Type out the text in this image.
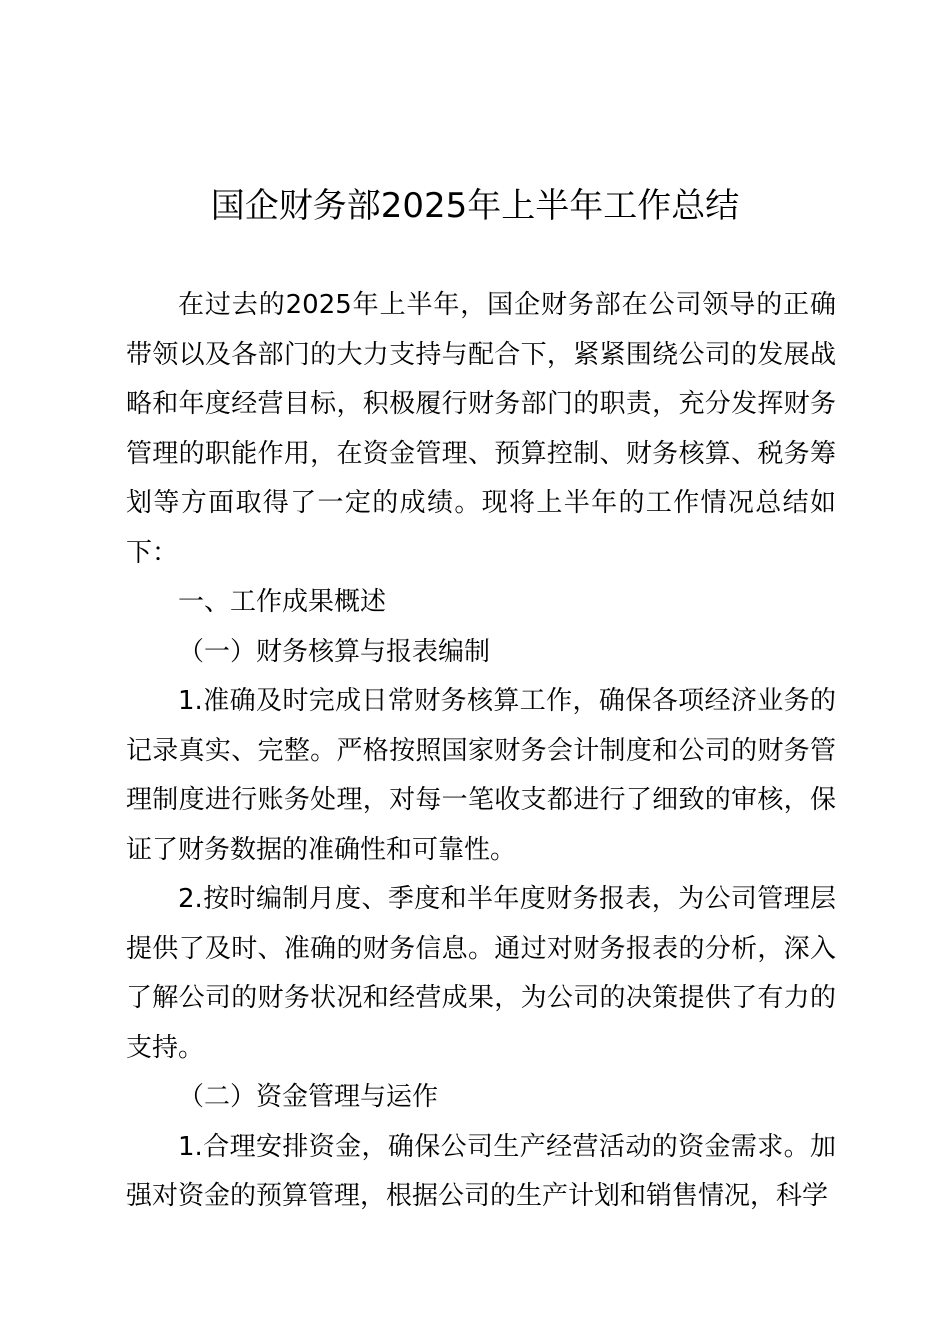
国企财务部2025年上半年工作总结

在过去的2025年上半年，国企财务部在公司领导的正确带领以及各部门的大力支持与配合下，紧紧围绕公司的发展战略和年度经营目标，积极履行财务部门的职责，充分发挥财务管理的职能作用，在资金管理、预算控制、财务核算、税务筹划等方面取得了一定的成绩。现将上半年的工作情况总结如下：

一、工作成果概述

（一）财务核算与报表编制

1.准确及时完成日常财务核算工作，确保各项经济业务的记录真实、完整。严格按照国家财务会计制度和公司的财务管理制度进行账务处理，对每一笔收支都进行了细致的审核，保证了财务数据的准确性和可靠性。

2.按时编制月度、季度和半年度财务报表，为公司管理层提供了及时、准确的财务信息。通过对财务报表的分析，深入了解公司的财务状况和经营成果，为公司的决策提供了有力的支持。

（二）资金管理与运作

1.合理安排资金，确保公司生产经营活动的资金需求。加强对资金的预算管理，根据公司的生产计划和销售情况，科学
